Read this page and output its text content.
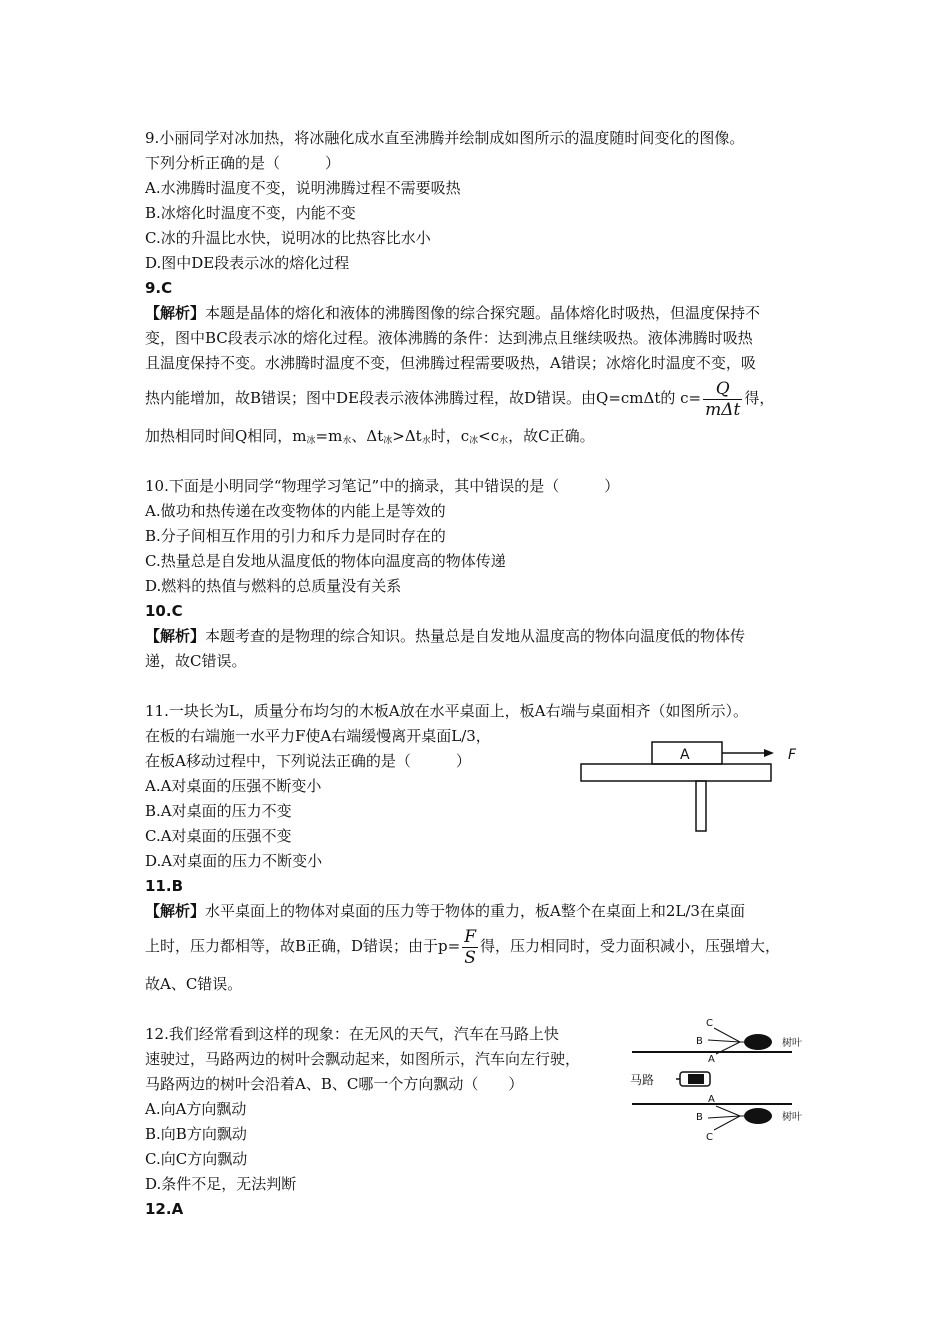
9.小丽同学对冰加热，将冰融化成水直至沸腾并绘制成如图所示的温度随时间变化的图像。
下列分析正确的是（　　　）
A.水沸腾时温度不变，说明沸腾过程不需要吸热
B.冰熔化时温度不变，内能不变
C.冰的升温比水快，说明冰的比热容比水小
D.图中DE段表示冰的熔化过程
9.C
【解析】本题是晶体的熔化和液体的沸腾图像的综合探究题。晶体熔化时吸热，但温度保持不
变，图中BC段表示冰的熔化过程。液体沸腾的条件：达到沸点且继续吸热。液体沸腾时吸热
且温度保持不变。水沸腾时温度不变，但沸腾过程需要吸热，A错误；冰熔化时温度不变，吸
热内能增加，故B错误；图中DE段表示液体沸腾过程，故D错误。由Q=cmΔt的 $c= \frac{Q}{\text{mΔt}}$ 得，
加热相同时间Q相同，$m_冰=m_水$、$\Delta t_冰>\Delta t_水$时，$c_冰<c_水$，故C正确。
10.下面是小明同学“物理学习笔记”中的摘录，其中错误的是（　　　）
A.做功和热传递在改变物体的内能上是等效的
B.分子间相互作用的引力和斥力是同时存在的
C.热量总是自发地从温度低的物体向温度高的物体传递
D.燃料的热值与燃料的总质量没有关系
10.C
【解析】本题考查的是物理的综合知识。热量总是自发地从温度高的物体向温度低的物体传
递，故C错误。
11.一块长为L，质量分布均匀的木板A放在水平桌面上，板A右端与桌面相齐（如图所示）。
在板的右端施一水平力F使A右端缓慢离开桌面L/3，
在板A移动过程中，下列说法正确的是（　　　）
A.A对桌面的压强不断变小
B.A对桌面的压力不变
C.A对桌面的压强不变
D.A对桌面的压力不断变小
11.B
【解析】水平桌面上的物体对桌面的压力等于物体的重力，板A整个在桌面上和2L/3在桌面
上时，压力都相等，故B正确，D错误；由于$p= \frac{F}{S}$ 得，压力相同时，受力面积减小，压强增大，
故A、C错误。
A	F
12.我们经常看到这样的现象：在无风的天气，汽车在马路上快
速驶过，马路两边的树叶会飘动起来，如图所示，汽车向左行驶，
马路两边的树叶会沿着A、B、C哪一个方向飘动（　　）
A.向A方向飘动
B.向B方向飘动
C.向C方向飘动
D.条件不足，无法判断
12.A
马路
C
B
A
树叶
A
B
C
树叶
